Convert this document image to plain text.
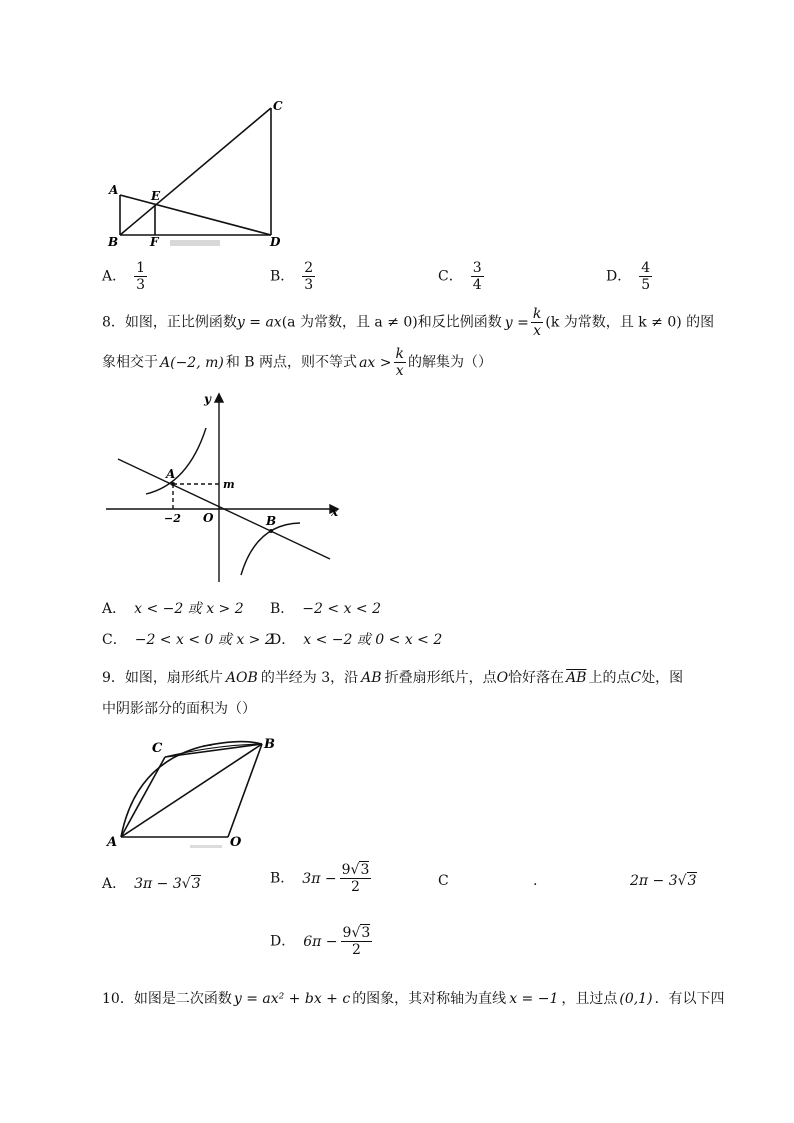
C
A	E
B	F	D
A． $\frac{1}{3}$	B． $\frac{2}{3}$	C． $\frac{3}{4}$	D． $\frac{4}{5}$
8．如图，正比例函数y = ax(a 为常数，且 a ≠ 0)和反比例函数 $y = \frac{k}{x} (k$ 为常数，且 k ≠ 0) 的图
象相交于 A(−2, m) 和 B 两点，则不等式 ax > $\frac{k}{x}$ 的解集为（）
y
A
m
x
−2 O	B
A． x < −2 或 x > 2 B． −2 < x < 2
C． −2 < x < 0 或 x > 2
D． x < −2 或 0 < x < 2
9．如图，扇形纸片 AOB 的半经为 3，沿 AB 折叠扇形纸片，点O恰好落在 $\overline{AB}$ 上的点C处，图
中阴影部分的面积为（）
C	B
A	O
A． 3π − 3√3	B． $3\pi - \frac{9√3}{2}$	C	.	2π − 3√3
D． $6\pi - \frac{9√3}{2}$
10．如图是二次函数 y = ax² + bx + c 的图象，其对称轴为直线 x = −1 ，且过点 (0,1) ．有以下四
